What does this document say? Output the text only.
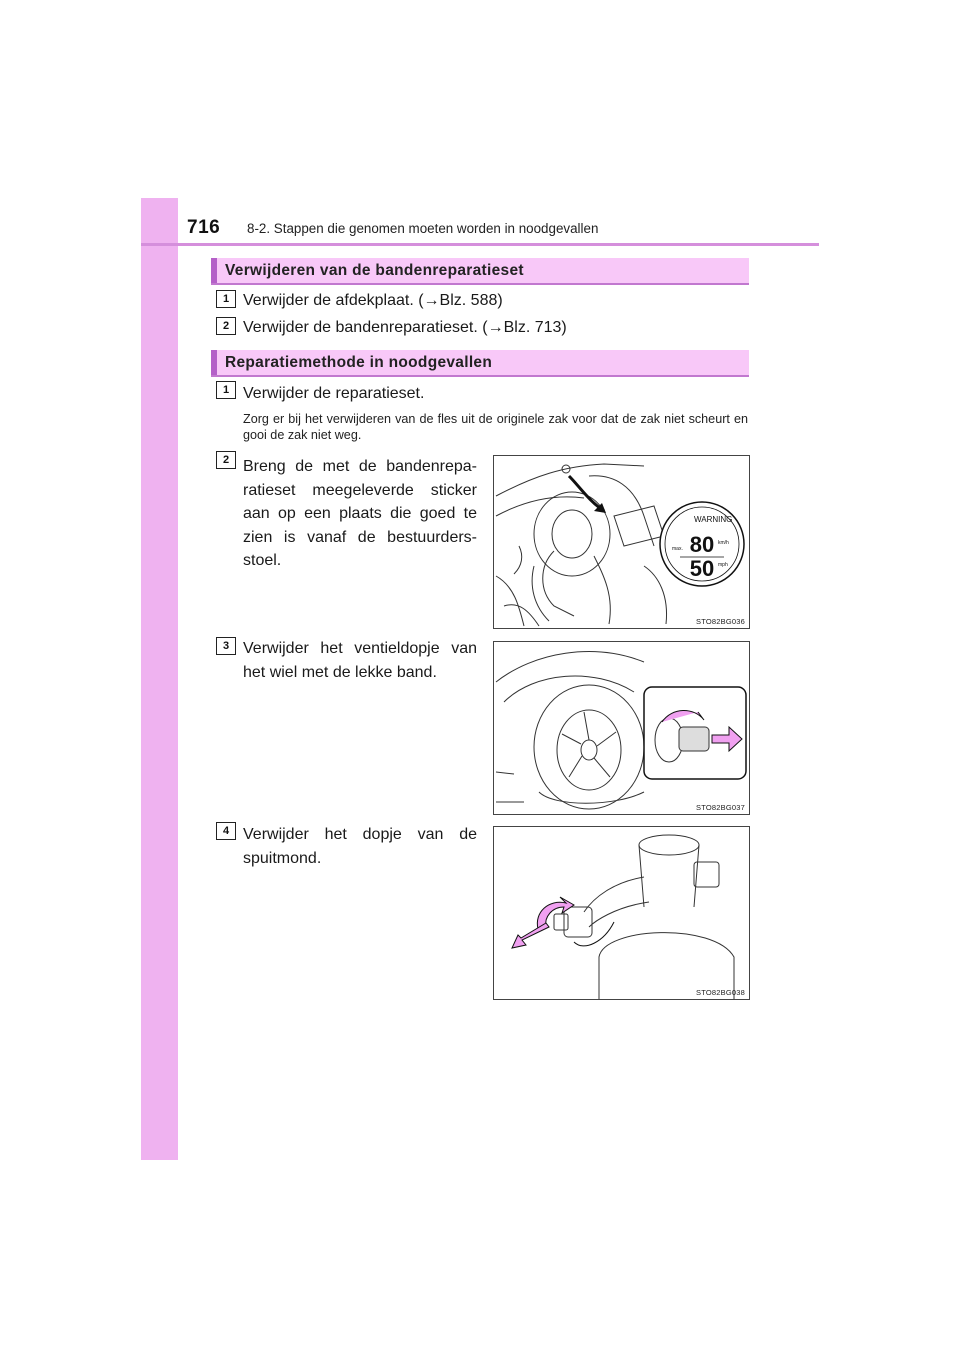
716 8-2. Stappen die genomen moeten worden in noodgevallen
Verwijderen van de bandenreparatieset
1 Verwijder de afdekplaat. (→Blz. 588)
2 Verwijder de bandenreparatieset. (→Blz. 713)
Reparatiemethode in noodgevallen
1 Verwijder de reparatieset.
Zorg er bij het verwijderen van de fles uit de originele zak voor dat de zak niet scheurt en gooi de zak niet weg.
2 Breng de met de bandenrepa-ratieset meegeleverde sticker aan op een plaats die goed te zien is vanaf de bestuurders-stoel.
WARNING
80
50
km/h
mph
max.
STO82BG036
3 Verwijder het ventieldopje van het wiel met de lekke band.
STO82BG037
4 Verwijder het dopje van de spuitmond.
STO82BG038
